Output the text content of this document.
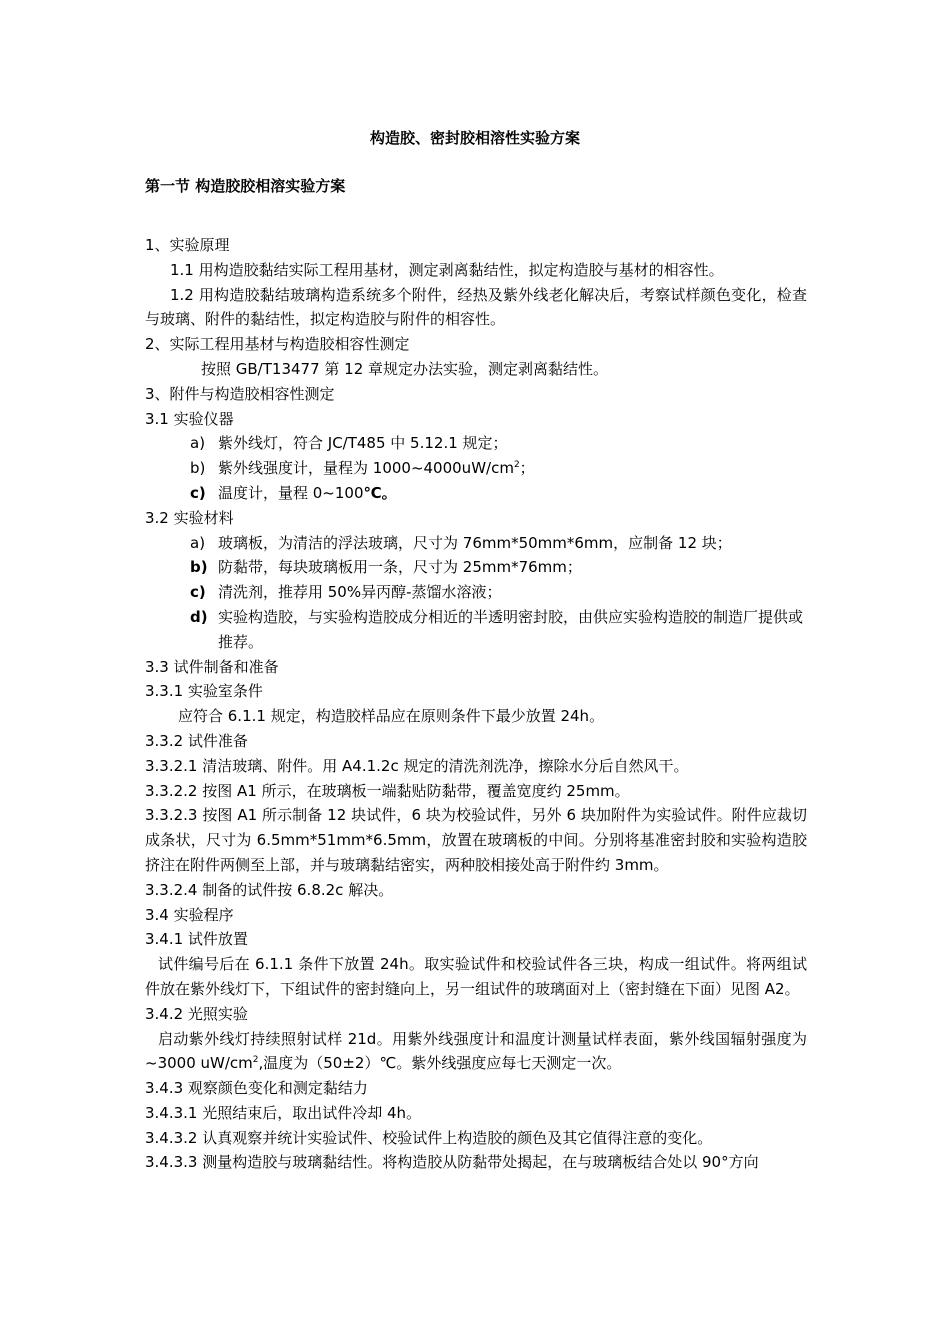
构造胶、密封胶相溶性实验方案
第一节 构造胶胶相溶实验方案

1、实验原理

1.1 用构造胶黏结实际工程用基材，测定剥离黏结性，拟定构造胶与基材的相容性。

1.2 用构造胶黏结玻璃构造系统多个附件，经热及紫外线老化解决后，考察试样颜色变化，检查与玻璃、附件的黏结性，拟定构造胶与附件的相容性。

2、实际工程用基材与构造胶相容性测定

按照 GB/T13477 第 12 章规定办法实验，测定剥离黏结性。

3、附件与构造胶相容性测定

3.1 实验仪器

a) 紫外线灯，符合 JC/T485 中 5.12.1 规定；
b) 紫外线强度计，量程为 $1000\sim 4000uW/cm^2$；
c) 温度计，量程 0~100℃。

3.2 实验材料

a) 玻璃板，为清洁的浮法玻璃，尺寸为 76mm*50mm*6mm，应制备 12 块；
b) 防黏带，每块玻璃板用一条，尺寸为 25mm*76mm；
c) 清洗剂，推荐用 50%异丙醇-蒸馏水溶液；
d) 实验构造胶，与实验构造胶成分相近的半透明密封胶，由供应实验构造胶的制造厂提供或推荐。

3.3 试件制备和准备

3.3.1 实验室条件

应符合 6.1.1 规定，构造胶样品应在原则条件下最少放置 24h。

3.3.2 试件准备

3.3.2.1 清洁玻璃、附件。用 A4.1.2c 规定的清洗剂洗净，擦除水分后自然风干。

3.3.2.2 按图 A1 所示，在玻璃板一端黏贴防黏带，覆盖宽度约 25mm。

3.3.2.3 按图 A1 所示制备 12 块试件，6 块为校验试件，另外 6 块加附件为实验试件。附件应裁切成条状，尺寸为 6.5mm*51mm*6.5mm，放置在玻璃板的中间。分别将基准密封胶和实验构造胶挤注在附件两侧至上部，并与玻璃黏结密实，两种胶相接处高于附件约 3mm。

3.3.2.4 制备的试件按 6.8.2c 解决。

3.4 实验程序

3.4.1 试件放置

试件编号后在 6.1.1 条件下放置 24h。取实验试件和校验试件各三块，构成一组试件。将两组试件放在紫外线灯下，下组试件的密封缝向上，另一组试件的玻璃面对上（密封缝在下面）见图 A2。

3.4.2 光照实验

启动紫外线灯持续照射试样 21d。用紫外线强度计和温度计测量试样表面，紫外线国辐射强度为~3000 $uW/cm^2$,温度为（50±2）℃。紫外线强度应每七天测定一次。

3.4.3 观察颜色变化和测定黏结力

3.4.3.1 光照结束后，取出试件冷却 4h。

3.4.3.2 认真观察并统计实验试件、校验试件上构造胶的颜色及其它值得注意的变化。

3.4.3.3 测量构造胶与玻璃黏结性。将构造胶从防黏带处揭起，在与玻璃板结合处以 90°方向
